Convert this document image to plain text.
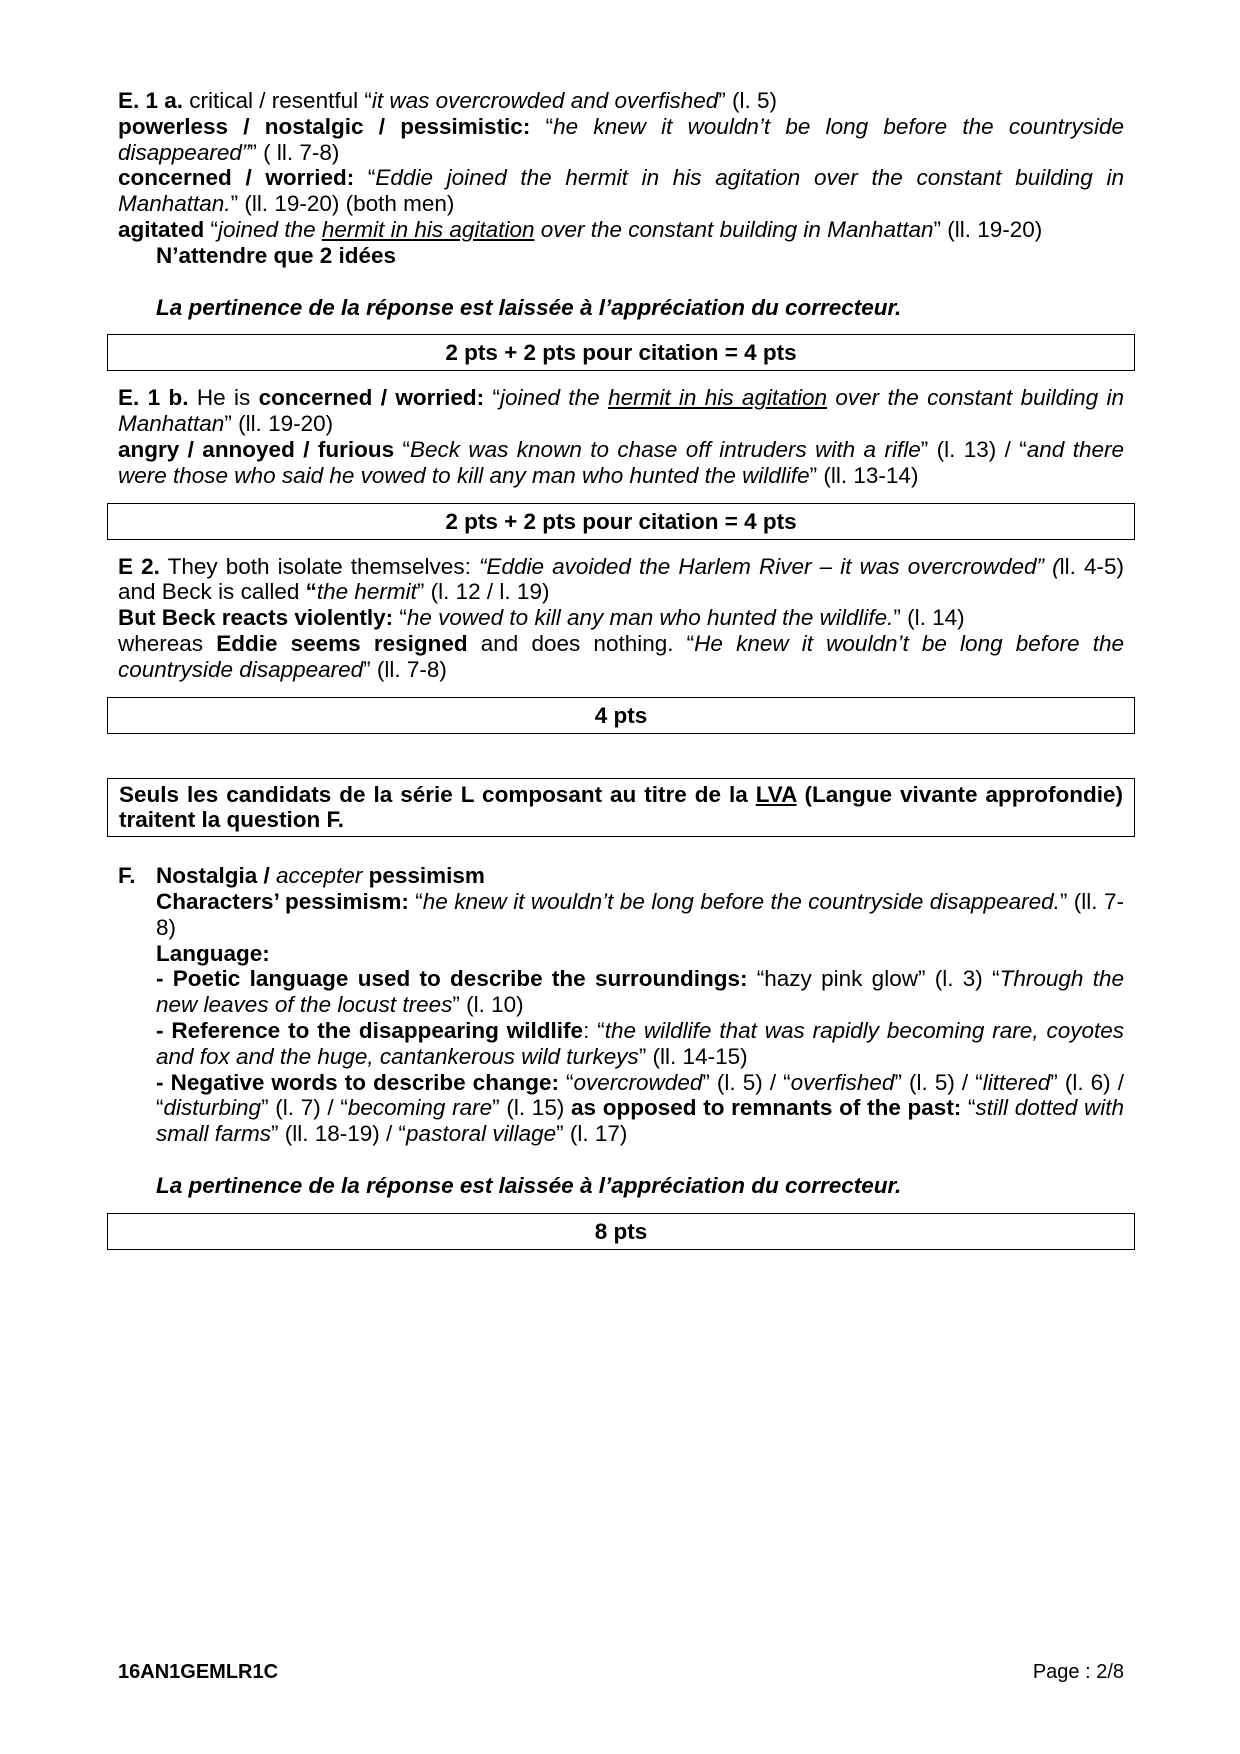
E. 1 a. critical / resentful “it was overcrowded and overfished” (l. 5)

powerless / nostalgic / pessimistic: “he knew it wouldn’t be long before the countryside disappeared”” ( ll. 7-8)

concerned / worried: “Eddie joined the hermit in his agitation over the constant building in Manhattan.” (ll. 19-20) (both men)

agitated “joined the hermit in his agitation over the constant building in Manhattan” (ll. 19-20)

N’attendre que 2 idées

La pertinence de la réponse est laissée à l’appréciation du correcteur.

2 pts + 2 pts pour citation = 4 pts

E. 1 b. He is concerned / worried: “joined the hermit in his agitation over the constant building in Manhattan” (ll. 19-20)

angry / annoyed / furious “Beck was known to chase off intruders with a rifle” (l. 13) / “and there were those who said he vowed to kill any man who hunted the wildlife” (ll. 13-14)

2 pts + 2 pts pour citation = 4 pts

E 2. They both isolate themselves: “Eddie avoided the Harlem River – it was overcrowded” (ll. 4-5) and Beck is called “the hermit” (l. 12 / l. 19)

But Beck reacts violently: “he vowed to kill any man who hunted the wildlife.” (l. 14)

whereas Eddie seems resigned and does nothing. “He knew it wouldn’t be long before the countryside disappeared” (ll. 7-8)

4 pts
Seuls les candidats de la série L composant au titre de la LVA (Langue vivante approfondie) traitent la question F.
F. Nostalgia / accepter pessimism

Characters’ pessimism: “he knew it wouldn’t be long before the countryside disappeared.” (ll. 7-8)

Language:

- Poetic language used to describe the surroundings: “hazy pink glow” (l. 3) “Through the new leaves of the locust trees” (l. 10)

- Reference to the disappearing wildlife: “the wildlife that was rapidly becoming rare, coyotes and fox and the huge, cantankerous wild turkeys” (ll. 14-15)

- Negative words to describe change: “overcrowded” (l. 5) / “overfished” (l. 5) / “littered” (l. 6) / “disturbing” (l. 7) / “becoming rare” (l. 15) as opposed to remnants of the past: “still dotted with small farms” (ll. 18-19) / “pastoral village” (l. 17)

La pertinence de la réponse est laissée à l’appréciation du correcteur.

8 pts
16AN1GEMLR1C	Page : 2/8
